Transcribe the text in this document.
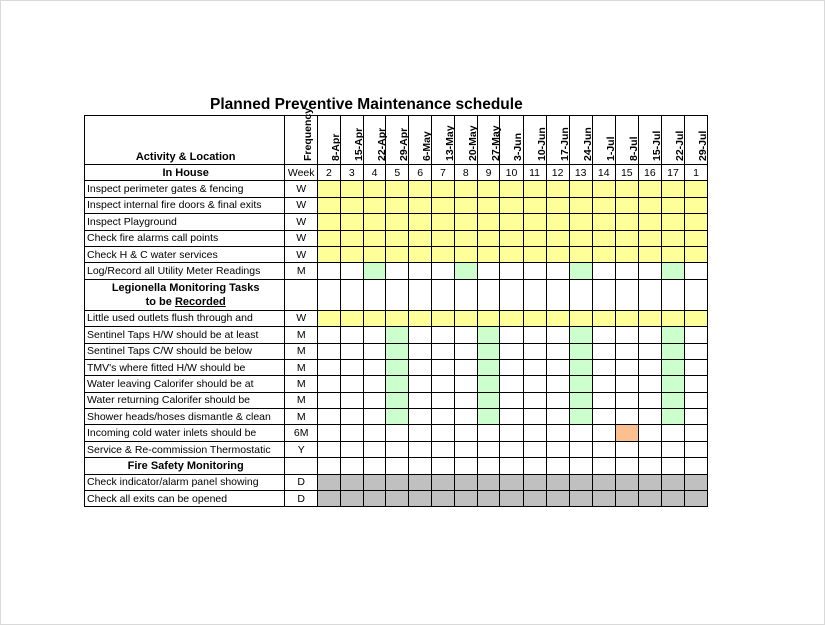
Planned Preventive Maintenance schedule
Activity & Location	Frequency	8-Apr	15-Apr	22-Apr	29-Apr	6-May	13-May	20-May	27-May	3-Jun	10-Jun	17-Jun	24-Jun	1-Jul	8-Jul	15-Jul	22-Jul	29-Jul

In House	Week	2	3	4	5	6	7	8	9	10	11	12	13	14	15	16	17	1
Inspect perimeter gates & fencing	W																	
Inspect internal fire doors & final exits	W																	
Inspect Playground	W																	
Check fire alarms call points	W																	
Check H & C water services	W																	
Log/Record all Utility Meter Readings	M																	
Legionella Monitoring Tasks
to be Recorded																		
Little used outlets flush through and	W																	
Sentinel Taps H/W should be at least	M																	
Sentinel Taps C/W should be below	M																	
TMV's where fitted H/W should be	M																	
Water leaving Calorifer should be at	M																	
Water returning Calorifer should be	M																	
Shower heads/hoses dismantle & clean	M																	
Incoming cold water inlets should be	6M																	
Service & Re-commission Thermostatic	Y																	
Fire Safety Monitoring																		
Check indicator/alarm panel showing	D																	
Check all exits can be opened	D																	
